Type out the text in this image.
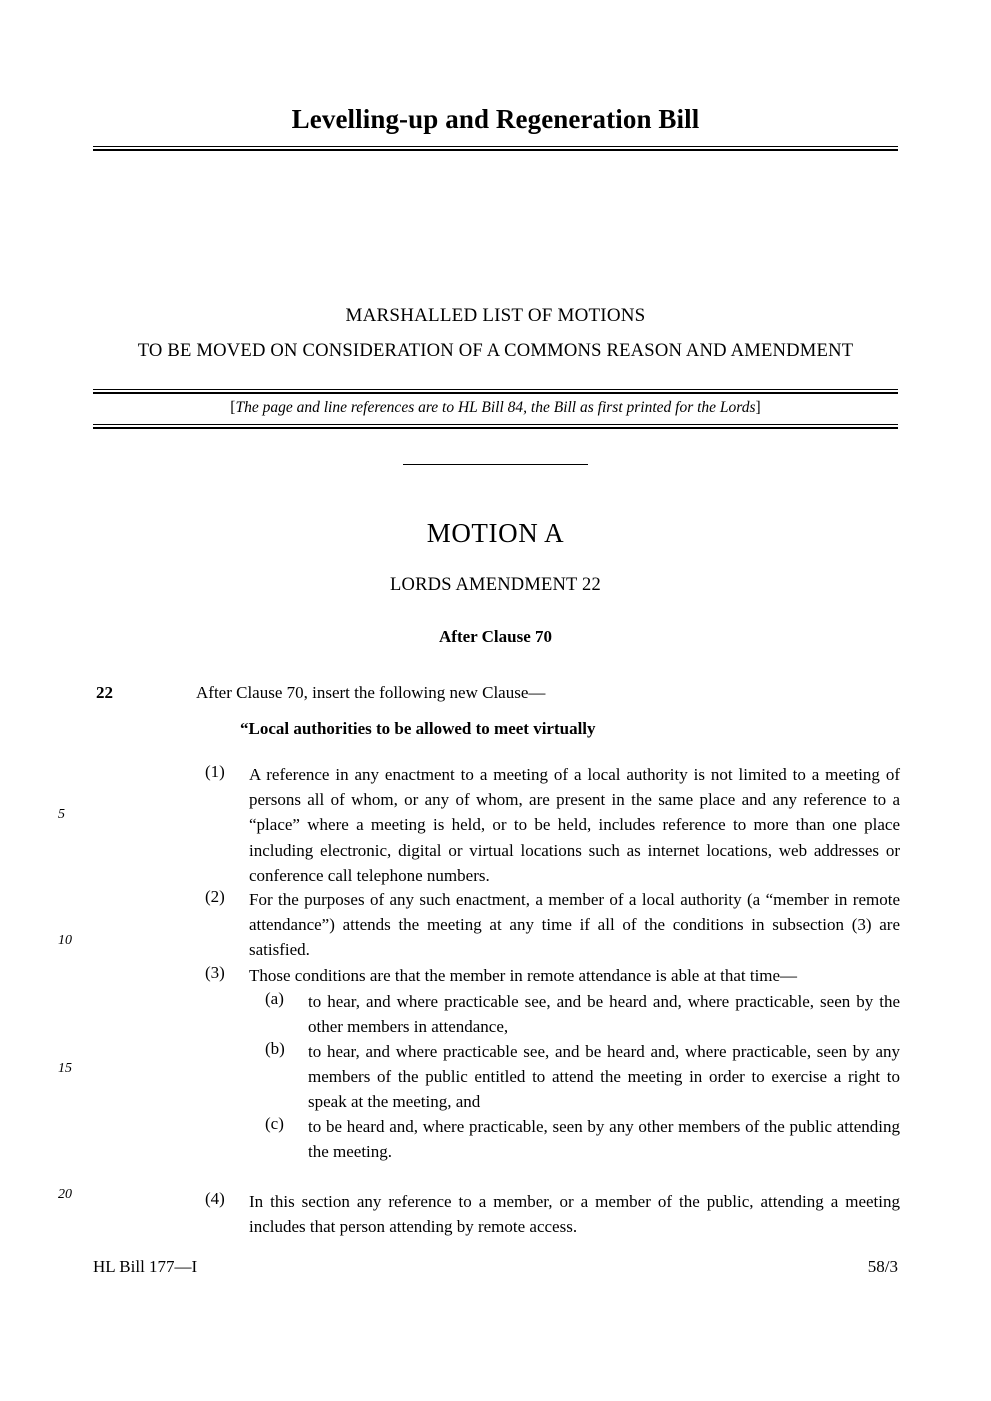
Levelling-up and Regeneration Bill
MARSHALLED LIST OF MOTIONS
TO BE MOVED ON CONSIDERATION OF A COMMONS REASON AND AMENDMENT
[The page and line references are to HL Bill 84, the Bill as first printed for the Lords]
MOTION A
LORDS AMENDMENT 22
After Clause 70
22	After Clause 70, insert the following new Clause—
“Local authorities to be allowed to meet virtually
(1)	A reference in any enactment to a meeting of a local authority is not limited to a meeting of persons all of whom, or any of whom, are present in the same place and any reference to a “place” where a meeting is held, or to be held, includes reference to more than one place including electronic, digital or virtual locations such as internet locations, web addresses or conference call telephone numbers.
(2)	For the purposes of any such enactment, a member of a local authority (a “member in remote attendance”) attends the meeting at any time if all of the conditions in subsection (3) are satisfied.
(3)	Those conditions are that the member in remote attendance is able at that time—
(a)	to hear, and where practicable see, and be heard and, where practicable, seen by the other members in attendance,
(b)	to hear, and where practicable see, and be heard and, where practicable, seen by any members of the public entitled to attend the meeting in order to exercise a right to speak at the meeting, and
(c)	to be heard and, where practicable, seen by any other members of the public attending the meeting.
(4)	In this section any reference to a member, or a member of the public, attending a meeting includes that person attending by remote access.
5
10
15
20
HL Bill 177—I	58/3
